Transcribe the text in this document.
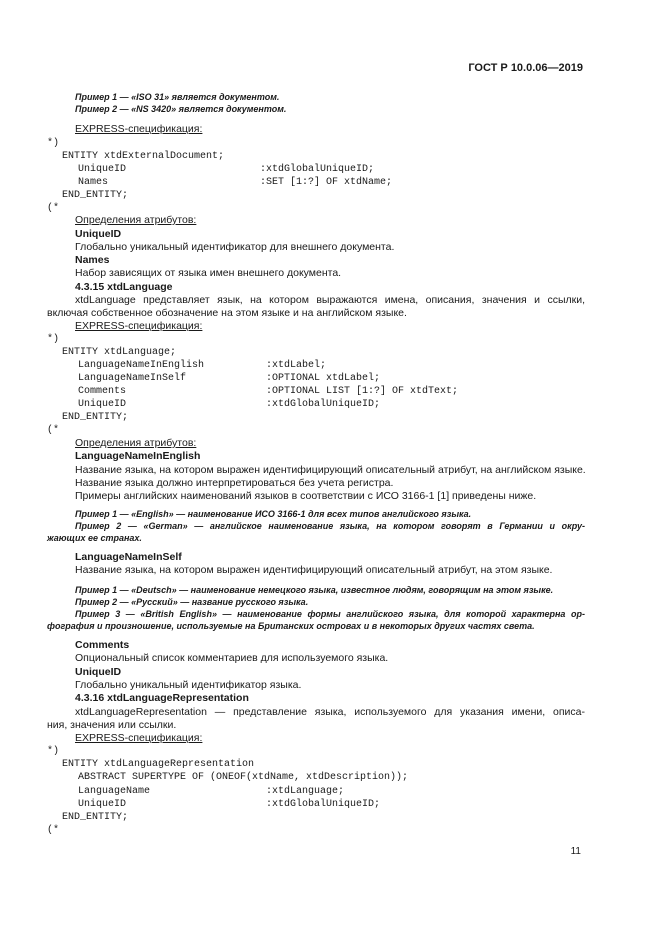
ГОСТ Р 10.0.06—2019
Пример 1 — «ISO 31» является документом.
Пример 2 — «NS 3420» является документом.
EXPRESS-спецификация:
*)
ENTITY xtdExternalDocument;
UniqueID	:xtdGlobalUniqueID;
Names	:SET [1:?] OF xtdName;
END_ENTITY;
(*
Определения атрибутов:
UniqueID
Глобально уникальный идентификатор для внешнего документа.
Names
Набор зависящих от языка имен внешнего документа.
4.3.15 xtdLanguage
xtdLanguage представляет язык, на котором выражаются имена, описания, значения и ссылки,
включая собственное обозначение на этом языке и на английском языке.
EXPRESS-спецификация:
*)
ENTITY xtdLanguage;
LanguageNameInEnglish	:xtdLabel;
LanguageNameInSelf	:OPTIONAL xtdLabel;
Comments	:OPTIONAL LIST [1:?] OF xtdText;
UniqueID	:xtdGlobalUniqueID;
END_ENTITY;
(*
Определения атрибутов:
LanguageNameInEnglish
Название языка, на котором выражен идентифицирующий описательный атрибут, на английском языке.
Название языка должно интерпретироваться без учета регистра.
Примеры английских наименований языков в соответствии с ИСО 3166-1 [1] приведены ниже.
Пример 1 — «English» — наименование ИСО 3166-1 для всех типов английского языка.
Пример 2 — «German» — английское наименование языка, на котором говорят в Германии и окру-
жающих ее странах.
LanguageNameInSelf
Название языка, на котором выражен идентифицирующий описательный атрибут, на этом языке.
Пример 1 — «Deutsch» — наименование немецкого языка, известное людям, говорящим на этом языке.
Пример 2 — «Русский» — название русского языка.
Пример 3 — «British English» — наименование формы английского языка, для которой характерна ор-
фография и произношение, используемые на Британских островах и в некоторых других частях света.
Comments
Опциональный список комментариев для используемого языка.
UniqueID
Глобально уникальный идентификатор языка.
4.3.16 xtdLanguageRepresentation
xtdLanguageRepresentation — представление языка, используемого для указания имени, описа-
ния, значения или ссылки.
EXPRESS-спецификация:
*)
ENTITY xtdLanguageRepresentation
ABSTRACT SUPERTYPE OF (ONEOF(xtdName, xtdDescription));
LanguageName	:xtdLanguage;
UniqueID	:xtdGlobalUniqueID;
END_ENTITY;
(*
11
